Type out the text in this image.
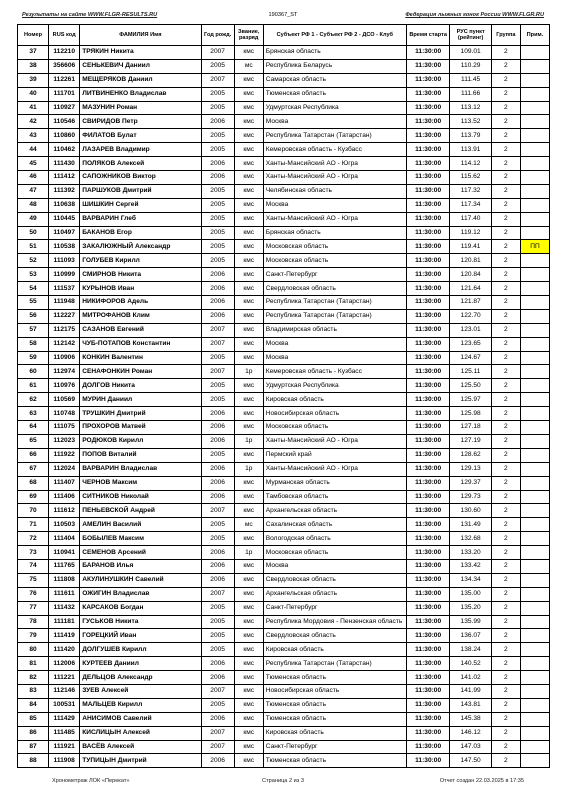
Результаты на сайте WWW.FLGR-RESULTS.RU	190367_ST	Федерация лыжных гонок России WWW.FLGR.RU
Номер	RUS код	ФАМИЛИЯ Имя	Год рожд.	Звание, разряд	Субъект РФ 1 - Субъект РФ 2 - ДСО - Клуб	Время старта	РУС пункт (рейтинг)	Группа	Прим.
37	112210	ТРЯКИН Никита	2007	кмс	Брянская область	11:30:00	109.01	2	
38	356606	СЕНЬКЕВИЧ Даниил	2005	мс	Республика Беларусь	11:30:00	110.29	2	
39	112261	МЕЩЕРЯКОВ Даниил	2007	кмс	Самарская область	11:30:00	111.45	2	
40	111701	ЛИТВИНЕНКО Владислав	2005	кмс	Тюменская область	11:30:00	111.66	2	
41	110927	МАЗУНИН Роман	2005	кмс	Удмуртская Республика	11:30:00	113.12	2	
42	110546	СВИРИДОВ Петр	2006	кмс	Москва	11:30:00	113.52	2	
43	110860	ФИЛАТОВ Булат	2005	кмс	Республика Татарстан (Татарстан)	11:30:00	113.79	2	
44	110462	ЛАЗАРЕВ Владимир	2005	кмс	Кемеровская область - Кузбасс	11:30:00	113.91	2	
45	111430	ПОЛЯКОВ Алексей	2006	кмс	Ханты-Мансийский АО - Югра	11:30:00	114.12	2	
46	111412	САПОЖНИКОВ Виктор	2006	кмс	Ханты-Мансийский АО - Югра	11:30:00	115.62	2	
47	111392	ПАРШУКОВ Дмитрий	2005	кмс	Челябинская область	11:30:00	117.32	2	
48	110638	ШИШКИН Сергей	2005	кмс	Москва	11:30:00	117.34	2	
49	110445	ВАРВАРИН Глеб	2005	кмс	Ханты-Мансийский АО - Югра	11:30:00	117.40	2	
50	110497	БАКАНОВ Егор	2005	кмс	Брянская область	11:30:00	119.12	2	
51	110538	ЗАКАЛЮЖНЫЙ Александр	2005	кмс	Московская область	11:30:00	119.41	2	ПП
52	111093	ГОЛУБЕВ Кирилл	2005	кмс	Московская область	11:30:00	120.81	2	
53	110999	СМИРНОВ Никита	2006	кмс	Санкт-Петербург	11:30:00	120.84	2	
54	111537	КУРЫНОВ Иван	2006	кмс	Свердловская область	11:30:00	121.64	2	
55	111948	НИКИФОРОВ Адель	2006	кмс	Республика Татарстан (Татарстан)	11:30:00	121.87	2	
56	112227	МИТРОФАНОВ Клим	2006	кмс	Республика Татарстан (Татарстан)	11:30:00	122.70	2	
57	112175	САЗАНОВ Евгений	2007	кмс	Владимирская область	11:30:00	123.01	2	
58	112142	ЧУБ-ПОТАПОВ Константин	2007	кмс	Москва	11:30:00	123.65	2	
59	110906	КОНКИН Валентин	2005	кмс	Москва	11:30:00	124.67	2	
60	112974	СЕНАФОНКИН Роман	2007	1р	Кемеровская область - Кузбасс	11:30:00	125.11	2	
61	110976	ДОЛГОВ Никита	2005	кмс	Удмуртская Республика	11:30:00	125.50	2	
62	110569	МУРИН Даниил	2005	кмс	Кировская область	11:30:00	125.97	2	
63	110748	ТРУШКИН Дмитрий	2006	кмс	Новосибирская область	11:30:00	125.98	2	
64	111075	ПРОХОРОВ Матвей	2006	кмс	Московская область	11:30:00	127.18	2	
65	112023	РОДЮКОВ Кирилл	2006	1р	Ханты-Мансийский АО - Югра	11:30:00	127.19	2	
66	111922	ПОПОВ Виталий	2005	кмс	Пермский край	11:30:00	128.62	2	
67	112024	ВАРВАРИН Владислав	2006	1р	Ханты-Мансийский АО - Югра	11:30:00	129.13	2	
68	111407	ЧЕРНОВ Максим	2006	кмс	Мурманская область	11:30:00	129.37	2	
69	111406	СИТНИКОВ Николай	2006	кмс	Тамбовская область	11:30:00	129.73	2	
70	111612	ПЕНЬЕВСКОЙ Андрей	2007	кмс	Архангельская область	11:30:00	130.60	2	
71	110503	АМЕЛИН Василий	2005	мс	Сахалинская область	11:30:00	131.49	2	
72	111404	БОБЫЛЕВ Максим	2005	кмс	Вологодская область	11:30:00	132.68	2	
73	110941	СЕМЕНОВ Арсений	2006	1р	Московская область	11:30:00	133.20	2	
74	111765	БАРАНОВ Илья	2006	кмс	Москва	11:30:00	133.42	2	
75	111808	АКУЛИНУШКИН Савелий	2006	кмс	Свердловская область	11:30:00	134.34	2	
76	111611	ОЖИГИН Владислав	2007	кмс	Архангельская область	11:30:00	135.00	2	
77	111432	КАРСАКОВ Богдан	2005	кмс	Санкт-Петербург	11:30:00	135.20	2	
78	111181	ГУСЬКОВ Никита	2005	кмс	Республика Мордовия - Пензенская область	11:30:00	135.99	2	
79	111419	ГОРЕЦКИЙ Иван	2005	кмс	Свердловская область	11:30:00	136.07	2	
80	111420	ДОЛГУШЕВ Кирилл	2005	кмс	Кировская область	11:30:00	138.24	2	
81	112006	КУРТЕЕВ Даниил	2006	кмс	Республика Татарстан (Татарстан)	11:30:00	140.52	2	
82	111221	ДЕЛЬЦОВ Александр	2006	кмс	Тюменская область	11:30:00	141.02	2	
83	112146	ЗУЕВ Алексей	2007	кмс	Новосибирская область	11:30:00	141.99	2	
84	100531	МАЛЬЦЕВ Кирилл	2005	кмс	Тюменская область	11:30:00	143.81	2	
85	111429	АНИСИМОВ Савелий	2006	кмс	Тюменская область	11:30:00	145.38	2	
86	111485	КИСЛИЦЫН Алексей	2007	кмс	Кировская область	11:30:00	146.12	2	
87	111921	ВАСЁВ Алексей	2007	кмс	Санкт-Петербург	11:30:00	147.03	2	
88	111908	ТУПИЦЫН Дмитрий	2006	кмс	Тюменская область	11:30:00	147.50	2	
Хронометраж ЛОК «Перекат»	Страница 2 из 3	Отчет создан 22.03.2025 в 17:35
